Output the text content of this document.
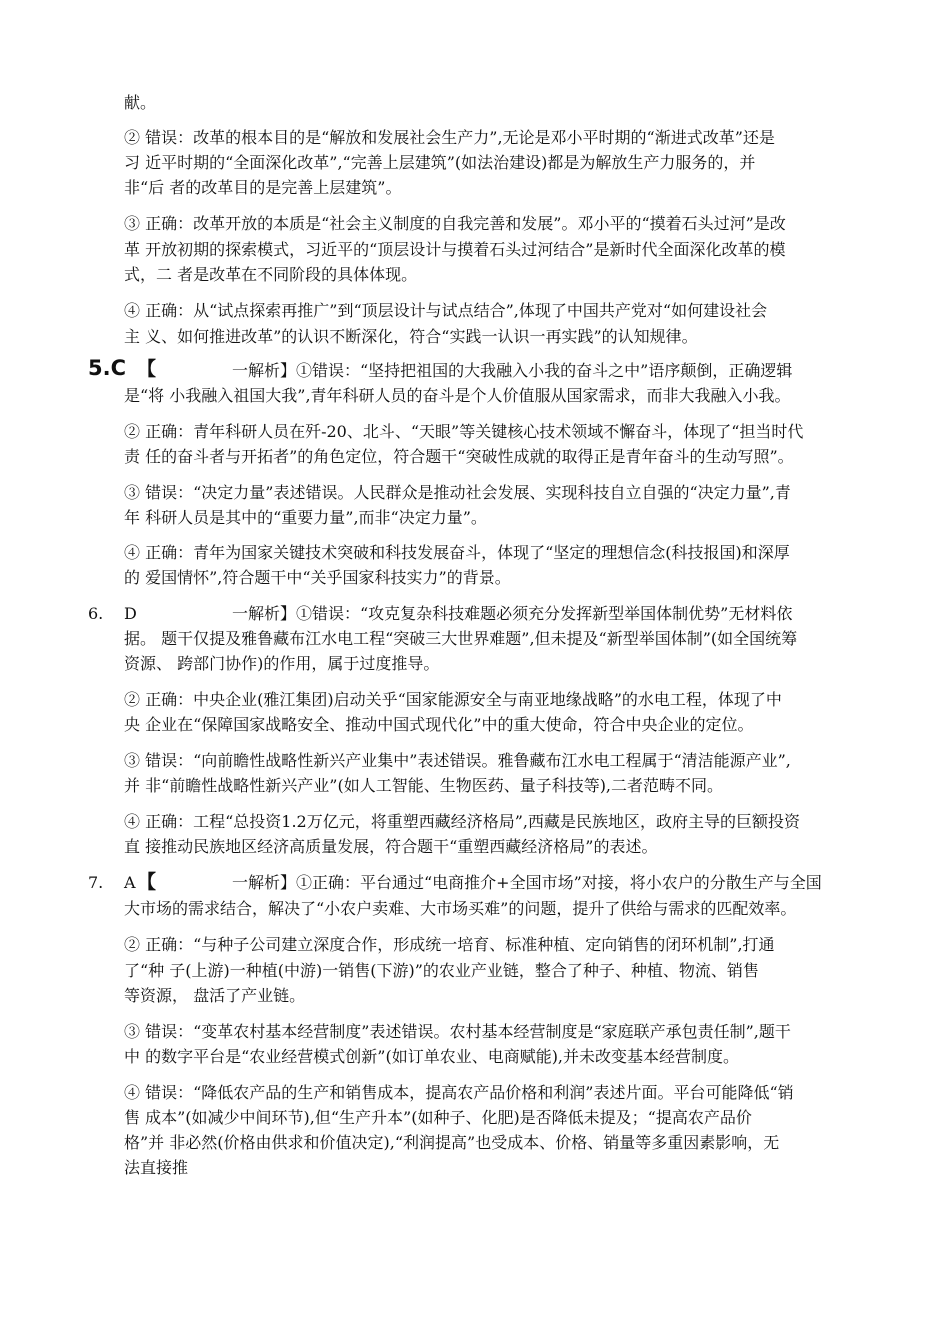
献。
② 错误：改革的根本目的是“解放和发展社会生产力”,无论是邓小平时期的“渐进式改革”还是
习 近平时期的“全面深化改革”,“完善上层建筑”(如法治建设)都是为解放生产力服务的，并
非“后 者的改革目的是完善上层建筑”。
③ 正确：改革开放的本质是“社会主义制度的自我完善和发展”。邓小平的“摸着石头过河”是改
革 开放初期的探索模式，习近平的“顶层设计与摸着石头过河结合”是新时代全面深化改革的模
式，二 者是改革在不同阶段的具体体现。
④ 正确：从“试点探索再推广”到“顶层设计与试点结合”,体现了中国共产党对“如何建设社会
主 义、如何推进改革”的认识不断深化，符合“实践一认识一再实践”的认知规律。
5.C 【	一解析】①错误：“坚持把祖国的大我融入小我的奋斗之中”语序颠倒，正确逻辑
是“将 小我融入祖国大我”,青年科研人员的奋斗是个人价值服从国家需求，而非大我融入小我。
② 正确：青年科研人员在歼-20、北斗、“天眼”等关键核心技术领域不懈奋斗，体现了“担当时代
责 任的奋斗者与开拓者”的角色定位，符合题干“突破性成就的取得正是青年奋斗的生动写照”。
③ 错误：“决定力量”表述错误。人民群众是推动社会发展、实现科技自立自强的“决定力量”,青
年 科研人员是其中的“重要力量”,而非“决定力量”。
④ 正确：青年为国家关键技术突破和科技发展奋斗，体现了“坚定的理想信念(科技报国)和深厚
的 爱国情怀”,符合题干中“关乎国家科技实力”的背景。
6. D	一解析】①错误：“攻克复杂科技难题必须充分发挥新型举国体制优势”无材料依
据。 题干仅提及雅鲁藏布江水电工程“突破三大世界难题”,但未提及“新型举国体制”(如全国统筹
资源、 跨部门协作)的作用，属于过度推导。
② 正确：中央企业(雅江集团)启动关乎“国家能源安全与南亚地缘战略”的水电工程，体现了中
央 企业在“保障国家战略安全、推动中国式现代化”中的重大使命，符合中央企业的定位。
③ 错误：“向前瞻性战略性新兴产业集中”表述错误。雅鲁藏布江水电工程属于“清洁能源产业”,
并 非“前瞻性战略性新兴产业”(如人工智能、生物医药、量子科技等),二者范畴不同。
④ 正确：工程“总投资1.2万亿元，将重塑西藏经济格局”,西藏是民族地区，政府主导的巨额投资
直 接推动民族地区经济高质量发展，符合题干“重塑西藏经济格局”的表述。
7. A 【	一解析】①正确：平台通过“电商推介+全国市场”对接，将小农户的分散生产与全国
大市场的需求结合，解决了“小农户卖难、大市场买难”的问题，提升了供给与需求的匹配效率。
② 正确：“与种子公司建立深度合作，形成统一培育、标准种植、定向销售的闭环机制”,打通
了“种 子(上游)一种植(中游)一销售(下游)”的农业产业链，整合了种子、种植、物流、销售
等资源， 盘活了产业链。
③ 错误：“变革农村基本经营制度”表述错误。农村基本经营制度是“家庭联产承包责任制”,题干
中 的数字平台是“农业经营模式创新”(如订单农业、电商赋能),并未改变基本经营制度。
④ 错误：“降低农产品的生产和销售成本，提高农产品价格和利润”表述片面。平台可能降低“销
售 成本”(如减少中间环节),但“生产升本”(如种子、化肥)是否降低未提及；“提高农产品价
格”并 非必然(价格由供求和价值决定),“利润提高”也受成本、价格、销量等多重因素影响，无
法直接推
